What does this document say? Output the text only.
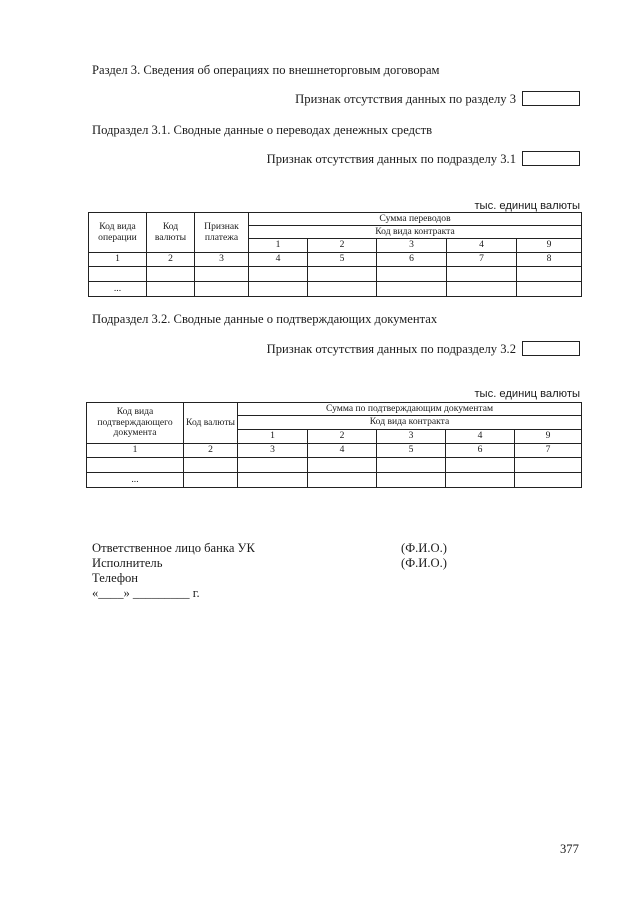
Раздел 3. Сведения об операциях по внешнеторговым договорам
Признак отсутствия данных по разделу 3
Подраздел 3.1. Сводные данные о переводах денежных средств
Признак отсутствия данных по подразделу 3.1
тыс. единиц валюты
Код вида операции	Код валюты	Признак платежа	Сумма переводов				
			Код вида контракта				
			1	2	3	4	9
1	2	3	4	5	6	7	8

...							
Подраздел 3.2. Сводные данные о подтверждающих документах
Признак отсутствия данных по подразделу 3.2
тыс. единиц валюты
Код вида подтверждающего документа	Код валюты	Сумма по подтверждающим документам				
		Код вида контракта				
		1	2	3	4	9
1	2	3	4	5	6	7

...						
Ответственное лицо банка УК	(Ф.И.О.)
Исполнитель	(Ф.И.О.)
Телефон
«____» _________ г.
377
